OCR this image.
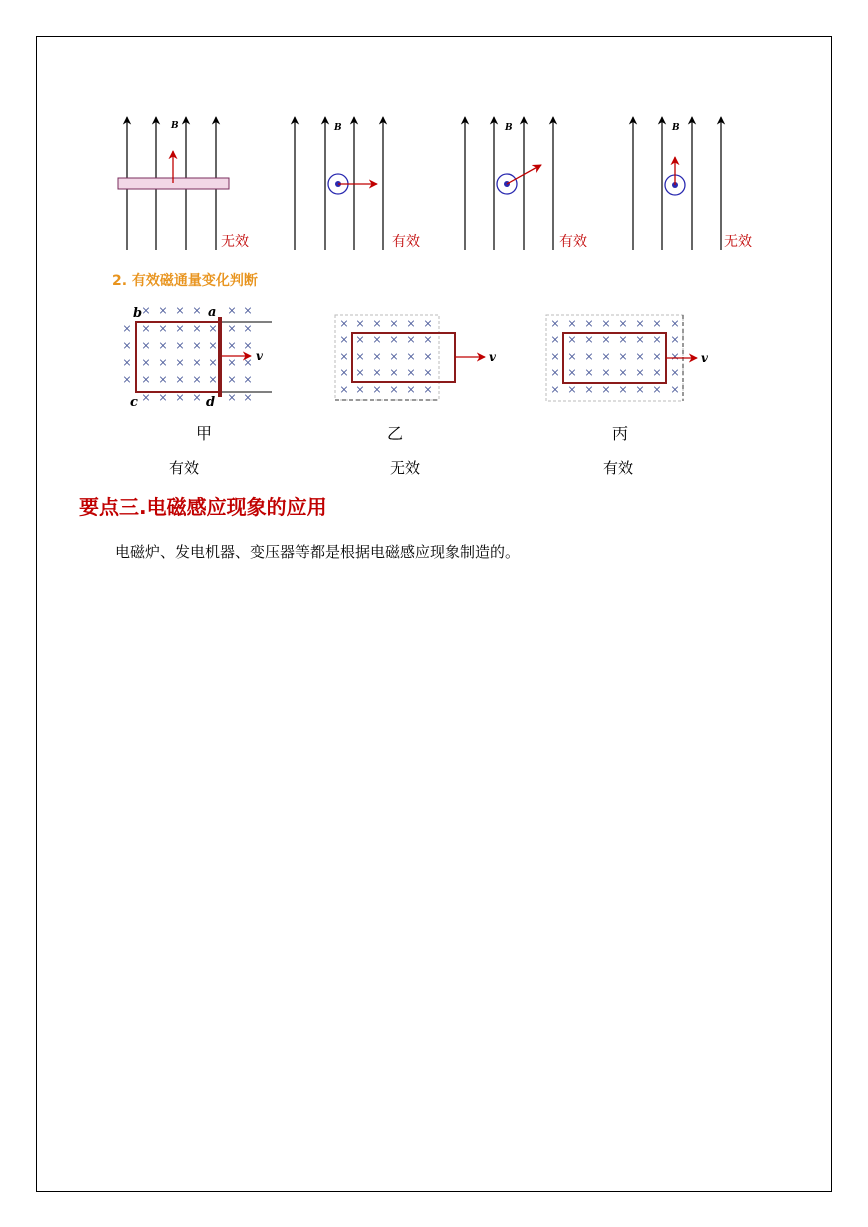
B	B	B	B
无效	有效	有效	无效
2. 有效磁通量变化判断
×
×
×
×
×
×
×
×
×
×
×
×
×
×
×
×
×
×
×
×
×
×
×
×
×
×
×
×
×
×
×
×
×
×
×
×
×
×
×
×
×
×
×
×
×
×
×
×
×
×
×
×
×
×
×
×
×
×
×
×
×
×
×
×
×
×
×
×
×
×
×
×
×
×
×
×
×
×
×
×
×
×
×
×
×
×
×
×
×
×
×
×
×
×
×
×
×
×
×
×
×
×
×
×
×
×
×
×
×
×
×
×
×
×
b	a
c	d
v	v	v
甲	乙	丙
有效	无效	有效
要点三.电磁感应现象的应用
电磁炉、发电机器、变压器等都是根据电磁感应现象制造的。
